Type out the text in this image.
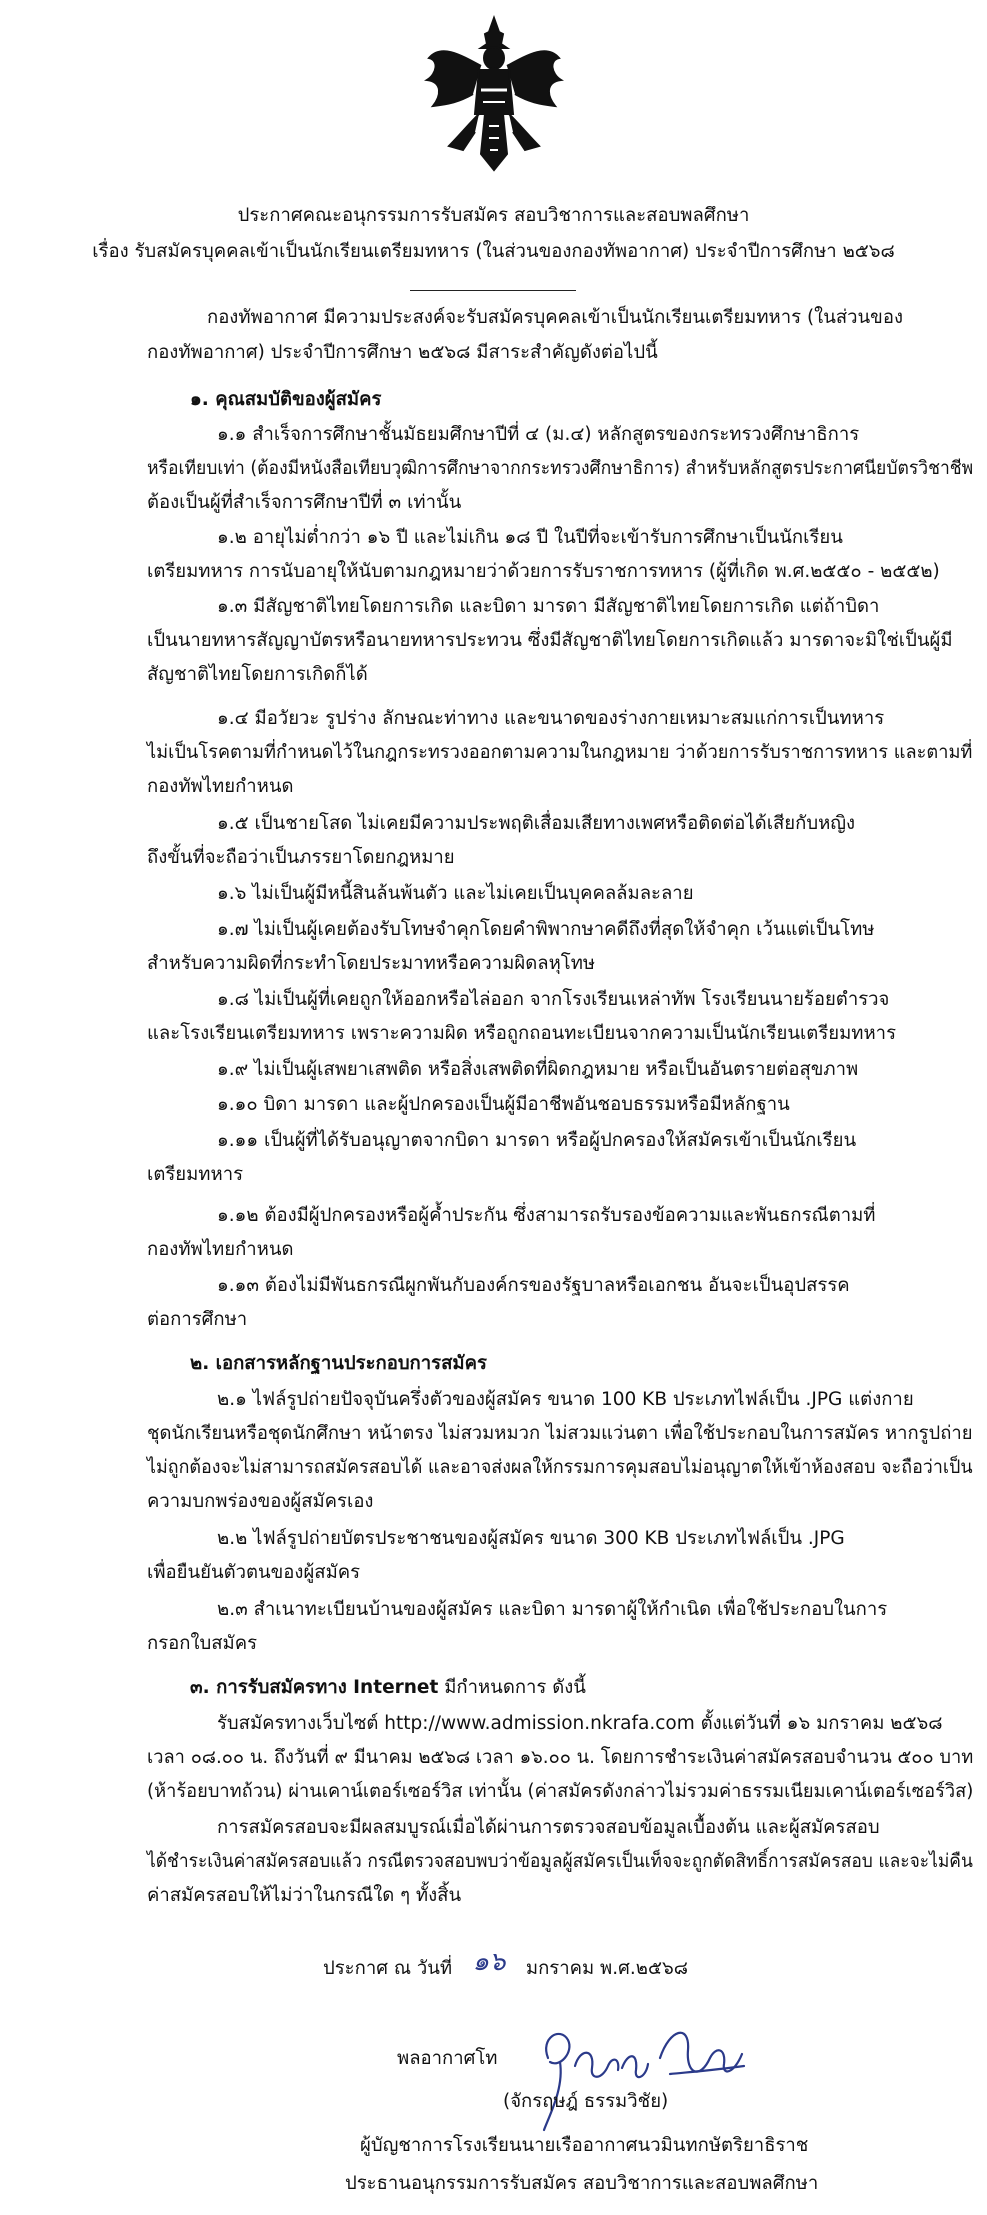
ประกาศคณะอนุกรรมการรับสมัคร สอบวิชาการและสอบพลศึกษา
เรื่อง รับสมัครบุคคลเข้าเป็นนักเรียนเตรียมทหาร (ในส่วนของกองทัพอากาศ) ประจำปีการศึกษา ๒๕๖๘
กองทัพอากาศ มีความประสงค์จะรับสมัครบุคคลเข้าเป็นนักเรียนเตรียมทหาร (ในส่วนของ
กองทัพอากาศ) ประจำปีการศึกษา ๒๕๖๘ มีสาระสำคัญดังต่อไปนี้
๑. คุณสมบัติของผู้สมัคร
๑.๑ สำเร็จการศึกษาชั้นมัธยมศึกษาปีที่ ๔ (ม.๔) หลักสูตรของกระทรวงศึกษาธิการ
หรือเทียบเท่า (ต้องมีหนังสือเทียบวุฒิการศึกษาจากกระทรวงศึกษาธิการ) สำหรับหลักสูตรประกาศนียบัตรวิชาชีพ
ต้องเป็นผู้ที่สำเร็จการศึกษาปีที่ ๓ เท่านั้น
๑.๒ อายุไม่ต่ำกว่า ๑๖ ปี และไม่เกิน ๑๘ ปี ในปีที่จะเข้ารับการศึกษาเป็นนักเรียน
เตรียมทหาร การนับอายุให้นับตามกฎหมายว่าด้วยการรับราชการทหาร (ผู้ที่เกิด พ.ศ.๒๕๕๐ - ๒๕๕๒)
๑.๓ มีสัญชาติไทยโดยการเกิด และบิดา มารดา มีสัญชาติไทยโดยการเกิด แต่ถ้าบิดา
เป็นนายทหารสัญญาบัตรหรือนายทหารประทวน ซึ่งมีสัญชาติไทยโดยการเกิดแล้ว มารดาจะมิใช่เป็นผู้มี
สัญชาติไทยโดยการเกิดก็ได้
๑.๔ มีอวัยวะ รูปร่าง ลักษณะท่าทาง และขนาดของร่างกายเหมาะสมแก่การเป็นทหาร
ไม่เป็นโรคตามที่กำหนดไว้ในกฎกระทรวงออกตามความในกฎหมาย ว่าด้วยการรับราชการทหาร และตามที่
กองทัพไทยกำหนด
๑.๕ เป็นชายโสด ไม่เคยมีความประพฤติเสื่อมเสียทางเพศหรือติดต่อได้เสียกับหญิง
ถึงขั้นที่จะถือว่าเป็นภรรยาโดยกฎหมาย
๑.๖ ไม่เป็นผู้มีหนี้สินล้นพ้นตัว และไม่เคยเป็นบุคคลล้มละลาย
๑.๗ ไม่เป็นผู้เคยต้องรับโทษจำคุกโดยคำพิพากษาคดีถึงที่สุดให้จำคุก เว้นแต่เป็นโทษ
สำหรับความผิดที่กระทำโดยประมาทหรือความผิดลหุโทษ
๑.๘ ไม่เป็นผู้ที่เคยถูกให้ออกหรือไล่ออก จากโรงเรียนเหล่าทัพ โรงเรียนนายร้อยตำรวจ
และโรงเรียนเตรียมทหาร เพราะความผิด หรือถูกถอนทะเบียนจากความเป็นนักเรียนเตรียมทหาร
๑.๙ ไม่เป็นผู้เสพยาเสพติด หรือสิ่งเสพติดที่ผิดกฎหมาย หรือเป็นอันตรายต่อสุขภาพ
๑.๑๐ บิดา มารดา และผู้ปกครองเป็นผู้มีอาชีพอันชอบธรรมหรือมีหลักฐาน
๑.๑๑ เป็นผู้ที่ได้รับอนุญาตจากบิดา มารดา หรือผู้ปกครองให้สมัครเข้าเป็นนักเรียน
เตรียมทหาร
๑.๑๒ ต้องมีผู้ปกครองหรือผู้ค้ำประกัน ซึ่งสามารถรับรองข้อความและพันธกรณีตามที่
กองทัพไทยกำหนด
๑.๑๓ ต้องไม่มีพันธกรณีผูกพันกับองค์กรของรัฐบาลหรือเอกชน อันจะเป็นอุปสรรค
ต่อการศึกษา
๒. เอกสารหลักฐานประกอบการสมัคร
๒.๑ ไฟล์รูปถ่ายปัจจุบันครึ่งตัวของผู้สมัคร ขนาด 100 KB ประเภทไฟล์เป็น .JPG แต่งกาย
ชุดนักเรียนหรือชุดนักศึกษา หน้าตรง ไม่สวมหมวก ไม่สวมแว่นตา เพื่อใช้ประกอบในการสมัคร หากรูปถ่าย
ไม่ถูกต้องจะไม่สามารถสมัครสอบได้ และอาจส่งผลให้กรรมการคุมสอบไม่อนุญาตให้เข้าห้องสอบ จะถือว่าเป็น
ความบกพร่องของผู้สมัครเอง
๒.๒ ไฟล์รูปถ่ายบัตรประชาชนของผู้สมัคร ขนาด 300 KB ประเภทไฟล์เป็น .JPG
เพื่อยืนยันตัวตนของผู้สมัคร
๒.๓ สำเนาทะเบียนบ้านของผู้สมัคร และบิดา มารดาผู้ให้กำเนิด เพื่อใช้ประกอบในการ
กรอกใบสมัคร
๓. การรับสมัครทาง Internet มีกำหนดการ ดังนี้
รับสมัครทางเว็บไซต์ http://www.admission.nkrafa.com ตั้งแต่วันที่ ๑๖ มกราคม ๒๕๖๘
เวลา ๐๘.๐๐ น. ถึงวันที่ ๙ มีนาคม ๒๕๖๘ เวลา ๑๖.๐๐ น. โดยการชำระเงินค่าสมัครสอบจำนวน ๕๐๐ บาท
(ห้าร้อยบาทถ้วน) ผ่านเคาน์เตอร์เซอร์วิส เท่านั้น (ค่าสมัครดังกล่าวไม่รวมค่าธรรมเนียมเคาน์เตอร์เซอร์วิส)
การสมัครสอบจะมีผลสมบูรณ์เมื่อได้ผ่านการตรวจสอบข้อมูลเบื้องต้น และผู้สมัครสอบ
ได้ชำระเงินค่าสมัครสอบแล้ว กรณีตรวจสอบพบว่าข้อมูลผู้สมัครเป็นเท็จจะถูกตัดสิทธิ์การสมัครสอบ และจะไม่คืน
ค่าสมัครสอบให้ไม่ว่าในกรณีใด ๆ ทั้งสิ้น
ประกาศ ณ วันที่ ๑๖ มกราคม พ.ศ.๒๕๖๘
พลอากาศโท
(จักรฤษฎ์ ธรรมวิชัย)
ผู้บัญชาการโรงเรียนนายเรืออากาศนวมินทกษัตริยาธิราช
ประธานอนุกรรมการรับสมัคร สอบวิชาการและสอบพลศึกษา
